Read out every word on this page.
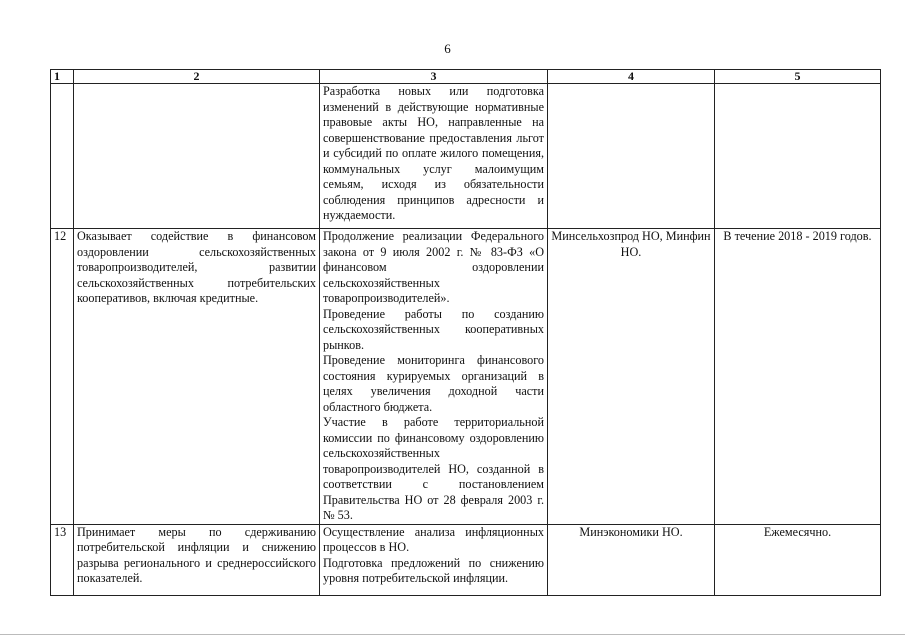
6
1	2	3	4	5

		Разработка новых или подготовка изменений в действующие нормативные правовые акты НО, направленные на совершенствование предоставления льгот и субсидий по оплате жилого помещения, коммунальных услуг малоимущим семьям, исходя из обязательности соблюдения принципов адресности и нуждаемости.		

12	Оказывает содействие в финансовом оздоровлении сельскохозяйственных товаропроизводителей, развитии сельскохозяйственных потребительских кооперативов, включая кредитные.	Продолжение реализации Федерального закона от 9 июля 2002 г. № 83-ФЗ «О финансовом оздоровлении сельскохозяйственных товаропроизводителей».

Проведение работы по созданию сельскохозяйственных кооперативных рынков.

Проведение мониторинга финансового состояния курируемых организаций в целях увеличения доходной части областного бюджета.

Участие в работе территориальной комиссии по финансовому оздоровлению сельскохозяйственных товаропроизводителей НО, созданной в соответствии с постановлением Правительства НО от 28 февраля 2003 г. № 53.	Минсельхозпрод НО, Минфин НО.	В течение 2018 - 2019 годов.
13	Принимает меры по сдерживанию потребительской инфляции и снижению разрыва регионального и среднероссийского показателей.	Осуществление анализа инфляционных процессов в НО.

Подготовка предложений по снижению уровня потребительской инфляции.	Минэкономики НО.	Ежемесячно.
